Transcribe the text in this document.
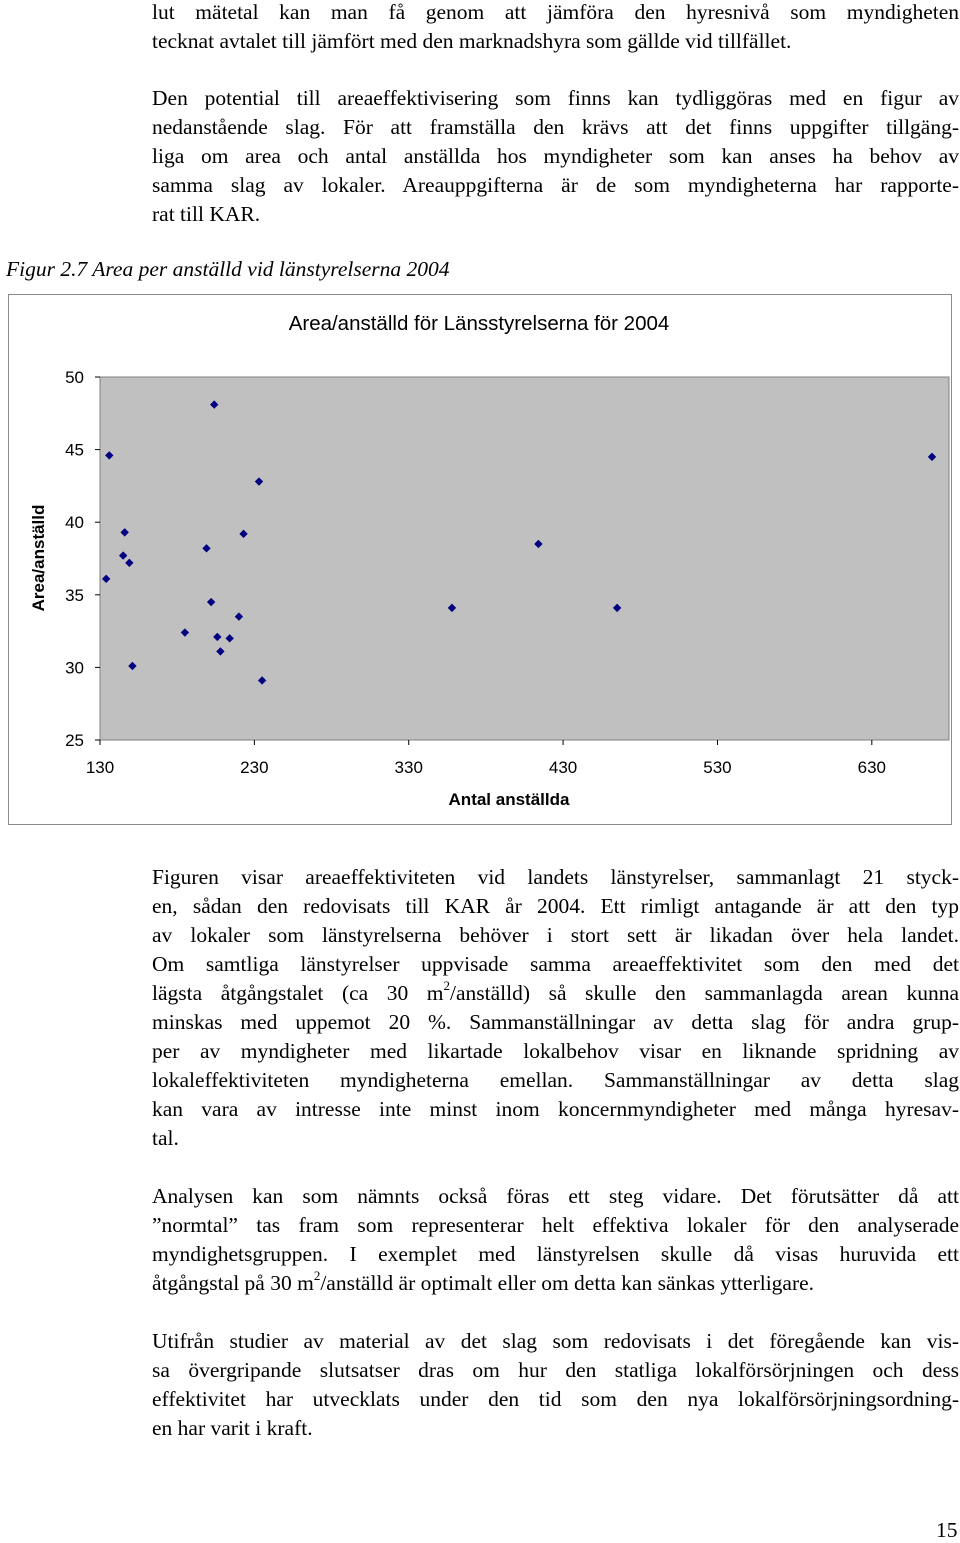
lut mätetal kan man få genom att jämföra den hyresnivå som myndigheten
tecknat avtalet till jämfört med den marknadshyra som gällde vid tillfället.
Den potential till areaeffektivisering som finns kan tydliggöras med en figur av
nedanstående slag. För att framställa den krävs att det finns uppgifter tillgäng-
liga om area och antal anställda hos myndigheter som kan anses ha behov av
samma slag av lokaler. Areauppgifterna är de som myndigheterna har rapporte-
rat till KAR.

Figur 2.7 Area per anställd vid länstyrelserna 2004

Area/anställd för Länsstyrelserna för 2004
25
30
35
40
45
50
130	230	330	430	530	630
Antal anställda
Area/anställd
Figuren visar areaeffektiviteten vid landets länstyrelser, sammanlagt 21 styck-
en, sådan den redovisats till KAR år 2004. Ett rimligt antagande är att den typ
av lokaler som länstyrelserna behöver i stort sett är likadan över hela landet.
Om samtliga länstyrelser uppvisade samma areaeffektivitet som den med det
lägsta åtgångstalet (ca 30 $m^2/anställd$) så skulle den sammanlagda arean kunna
minskas med uppemot 20 %. Sammanställningar av detta slag för andra grup-
per av myndigheter med likartade lokalbehov visar en liknande spridning av
lokaleffektiviteten myndigheterna emellan. Sammanställningar av detta slag
kan vara av intresse inte minst inom koncernmyndigheter med många hyresav-
tal.
Analysen kan som nämnts också föras ett steg vidare. Det förutsätter då att
”normtal” tas fram som representerar helt effektiva lokaler för den analyserade
myndighetsgruppen. I exemplet med länstyrelsen skulle då visas huruvida ett
åtgångstal på 30 $m^2$/anställd är optimalt eller om detta kan sänkas ytterligare.
Utifrån studier av material av det slag som redovisats i det föregående kan vis-
sa övergripande slutsatser dras om hur den statliga lokalförsörjningen och dess
effektivitet har utvecklats under den tid som den nya lokalförsörjningsordning-
en har varit i kraft.
15
